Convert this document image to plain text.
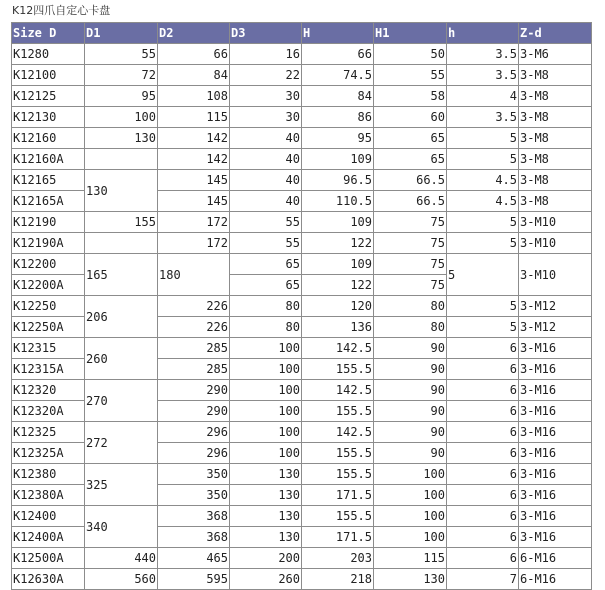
K12四爪自定心卡盘
Size D	D1	D2	D3	H	H1	h	Z-d
K1280	55	66	16	66	50	3.5	3-M6
K12100	72	84	22	74.5	55	3.5	3-M8
K12125	95	108	30	84	58	4	3-M8
K12130	100	115	30	86	60	3.5	3-M8
K12160	130	142	40	95	65	5	3-M8
K12160A		142	40	109	65	5	3-M8
K12165	130	145	40	96.5	66.5	4.5	3-M8
K12165A		145	40	110.5	66.5	4.5	3-M8
K12190	155	172	55	109	75	5	3-M10
K12190A		172	55	122	75	5	3-M10
K12200	165	180	65	109	75	5	3-M10
K12200A			65	122	75		
K12250	206	226	80	120	80	5	3-M12
K12250A		226	80	136	80	5	3-M12
K12315	260	285	100	142.5	90	6	3-M16
K12315A		285	100	155.5	90	6	3-M16
K12320	270	290	100	142.5	90	6	3-M16
K12320A		290	100	155.5	90	6	3-M16
K12325	272	296	100	142.5	90	6	3-M16
K12325A		296	100	155.5	90	6	3-M16
K12380	325	350	130	155.5	100	6	3-M16
K12380A		350	130	171.5	100	6	3-M16
K12400	340	368	130	155.5	100	6	3-M16
K12400A		368	130	171.5	100	6	3-M16
K12500A	440	465	200	203	115	6	6-M16
K12630A	560	595	260	218	130	7	6-M16
